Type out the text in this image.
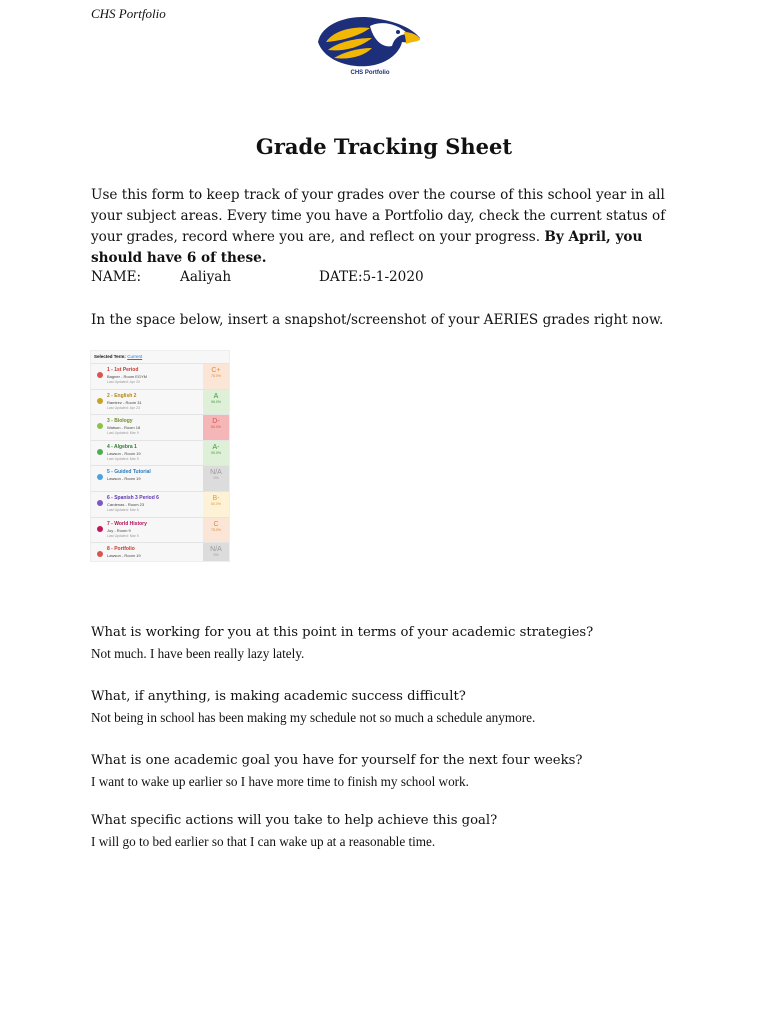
CHS Portfolio
CHS Portfolio
Grade Tracking Sheet
Use this form to keep track of your grades over the course of this school year in all your subject areas. Every time you have a Portfolio day, check the current status of your grades, record where you are, and reflect on your progress. By April, you should have 6 of these.
NAME:	Aaliyah	DATE:5-1-2020
In the space below, insert a snapshot/screenshot of your AERIES grades right now.
Selected Term: Current
1 - 1st Period
Bagner - Room EGYM
Last Updated: Apr 20
C+
78.0%
2 - English 2
Ramirez - Room 31
Last Updated: Apr 23
A
96.0%
3 - Biology
Watson - Room 18
Last Updated: Mar 9
D-
60.0%
4 - Algebra 1
Lawson - Room 19
Last Updated: Mar 5
A-
90.0%
5 - Guided Tutorial
Lawson - Room 19
N/A
0%
6 - Spanish 3 Period 6
Cardenas - Room 23
Last Updated: Mar 6
B-
80.0%
7 - World History
Joy - Room 9
Last Updated: Mar 5
C
75.0%
8 - Portfolio
Lawson - Room 19
N/A
0%
What is working for you at this point in terms of your academic strategies?
Not much. I have been really lazy lately.
What, if anything, is making academic success difficult?
Not being in school has been making my schedule not so much a schedule anymore.
What is one academic goal you have for yourself for the next four weeks?
I want to wake up earlier so I have more time to finish my school work.
What specific actions will you take to help achieve this goal?
I will go to bed earlier so that I can wake up at a reasonable time.
